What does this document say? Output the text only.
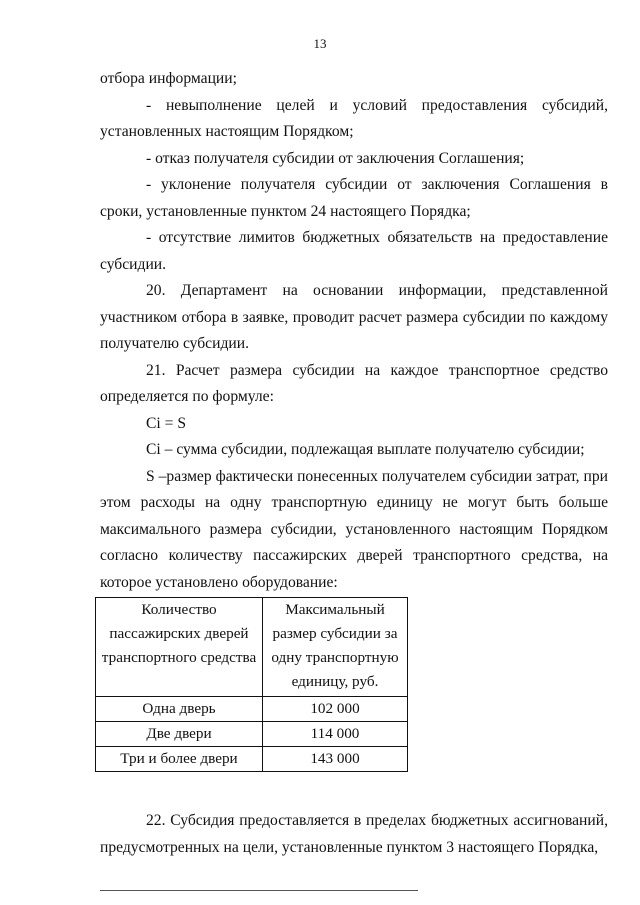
13

отбора информации;

- невыполнение целей и условий предоставления субсидий, установленных настоящим Порядком;

- отказ получателя субсидии от заключения Соглашения;

- уклонение получателя субсидии от заключения Соглашения в сроки, установленные пунктом 24 настоящего Порядка;

- отсутствие лимитов бюджетных обязательств на предоставление субсидии.

20. Департамент на основании информации, представленной участником отбора в заявке, проводит расчет размера субсидии по каждому получателю субсидии.

21. Расчет размера субсидии на каждое транспортное средство определяется по формуле:

Ci = S

Ci – сумма субсидии, подлежащая выплате получателю субсидии;

S –размер фактически понесенных получателем субсидии затрат, при этом расходы на одну транспортную единицу не могут быть больше максимального размера субсидии, установленного настоящим Порядком согласно количеству пассажирских дверей транспортного средства, на которое установлено оборудование:

Количество пассажирских дверей транспортного средства	Максимальный размер субсидии за одну транспортную единицу, руб.
Одна дверь	102 000
Две двери	114 000
Три и более двери	143 000

22. Субсидия предоставляется в пределах бюджетных ассигнований, предусмотренных на цели, установленные пунктом 3 настоящего Порядка,
